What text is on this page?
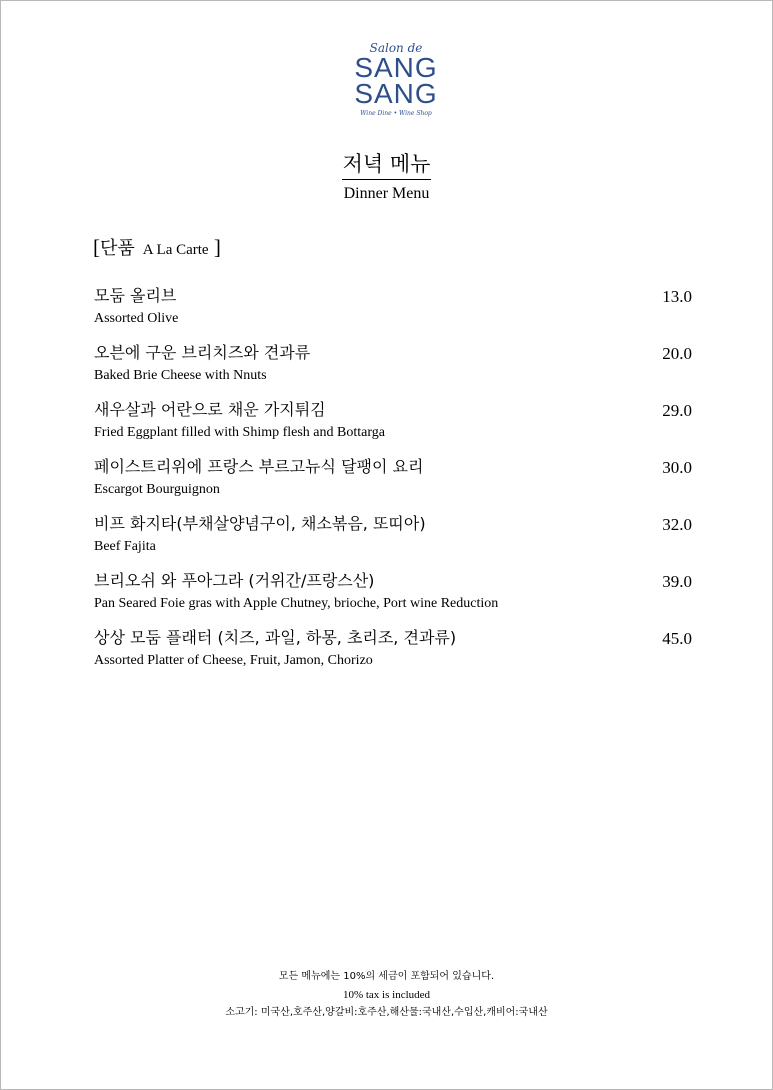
Salon de
SANG
SANG
Wine Dine • Wine Shop
저녁 메뉴
Dinner Menu
[단품 A La Carte ]
모둠 올리브
Assorted Olive
13.0
오븐에 구운 브리치즈와 견과류
Baked Brie Cheese with Nnuts
20.0
새우살과 어란으로 채운 가지튀김
Fried Eggplant filled with Shimp flesh and Bottarga
29.0
페이스트리위에 프랑스 부르고뉴식 달팽이 요리
Escargot Bourguignon
30.0
비프 화지타(부채살양념구이, 채소볶음, 또띠아)
Beef Fajita
32.0
브리오쉬 와 푸아그라 (거위간/프랑스산)
Pan Seared Foie gras with Apple Chutney, brioche, Port wine Reduction
39.0
상상 모둠 플래터 (치즈, 과일, 하몽, 초리조, 견과류)
Assorted Platter of Cheese, Fruit, Jamon, Chorizo
45.0
모든 메뉴에는 10%의 세금이 포함되어 있습니다.
10% tax is included
소고기: 미국산,호주산,양갈비:호주산,해산물:국내산,수입산,캐비어:국내산
